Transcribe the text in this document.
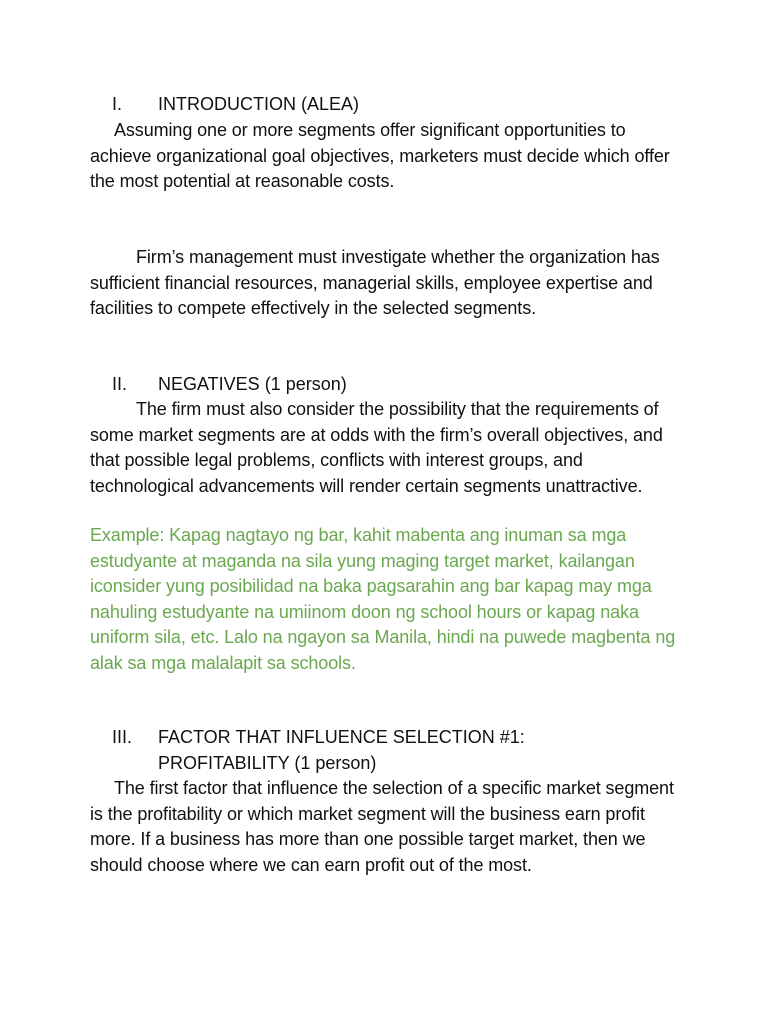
I. INTRODUCTION (ALEA)

Assuming one or more segments offer significant opportunities to achieve organizational goal objectives, marketers must decide which offer the most potential at reasonable costs.

Firm’s management must investigate whether the organization has sufficient financial resources, managerial skills, employee expertise and facilities to compete effectively in the selected segments.

II. NEGATIVES (1 person)

The firm must also consider the possibility that the requirements of some market segments are at odds with the firm’s overall objectives, and that possible legal problems, conflicts with interest groups, and technological advancements will render certain segments unattractive.

Example: Kapag nagtayo ng bar, kahit mabenta ang inuman sa mga estudyante at maganda na sila yung maging target market, kailangan iconsider yung posibilidad na baka pagsarahin ang bar kapag may mga nahuling estudyante na umiinom doon ng school hours or kapag naka uniform sila, etc. Lalo na ngayon sa Manila, hindi na puwede magbenta ng alak sa mga malalapit sa schools.

III.	FACTOR THAT INFLUENCE SELECTION #1: PROFITABILITY (1 person)

The first factor that influence the selection of a specific market segment is the profitability or which market segment will the business earn profit more. If a business has more than one possible target market, then we should choose where we can earn profit out of the most.
